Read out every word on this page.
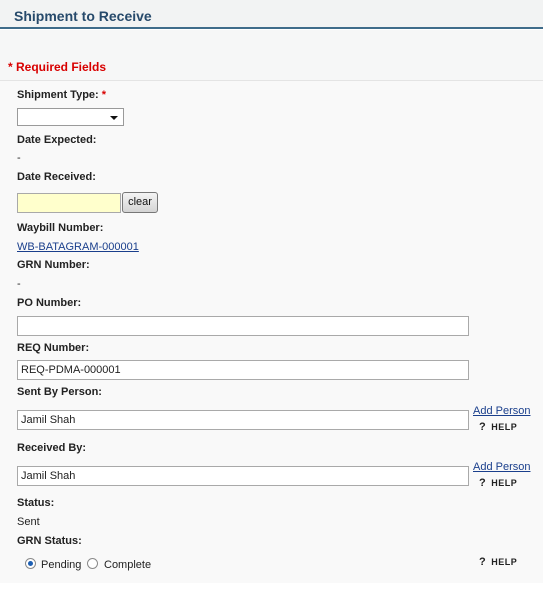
Shipment to Receive
* Required Fields
Shipment Type: *
Date Expected:
-
Date Received:
clear
Waybill Number:
WB-BATAGRAM-000001
GRN Number:
-
PO Number:
REQ Number:
REQ-PDMA-000001
Sent By Person:
Jamil Shah
Add Person
? HELP
Received By:
Jamil Shah
Add Person
? HELP
Status:
Sent
GRN Status:
Pending Complete	? HELP
